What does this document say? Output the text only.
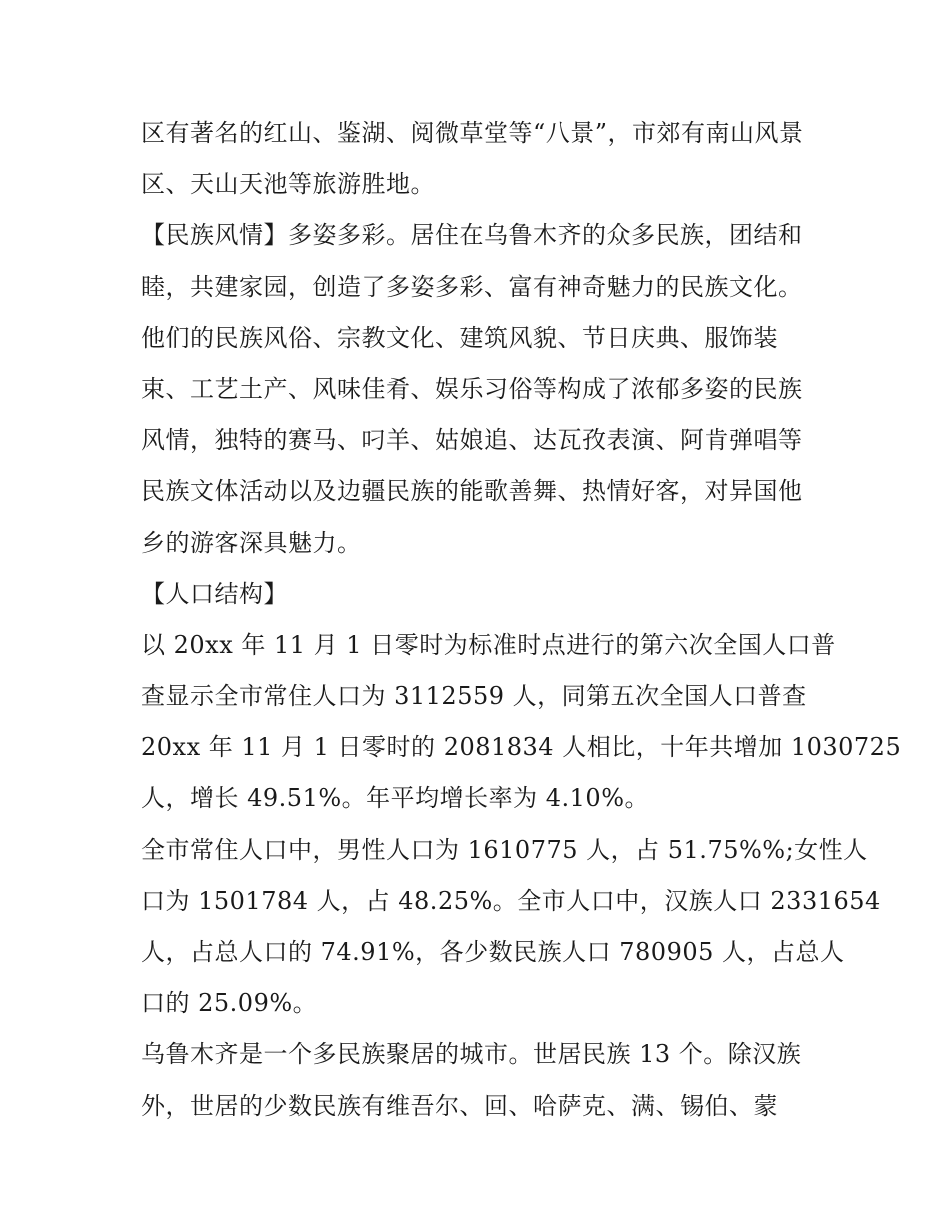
区有著名的红山、鉴湖、阅微草堂等“八景”，市郊有南山风景
区、天山天池等旅游胜地。
【民族风情】多姿多彩。居住在乌鲁木齐的众多民族，团结和
睦，共建家园，创造了多姿多彩、富有神奇魅力的民族文化。
他们的民族风俗、宗教文化、建筑风貌、节日庆典、服饰装
束、工艺土产、风味佳肴、娱乐习俗等构成了浓郁多姿的民族
风情，独特的赛马、叼羊、姑娘追、达瓦孜表演、阿肯弹唱等
民族文体活动以及边疆民族的能歌善舞、热情好客，对异国他
乡的游客深具魅力。
【人口结构】
以 20xx 年 11 月 1 日零时为标准时点进行的第六次全国人口普
查显示全市常住人口为 3112559 人，同第五次全国人口普查
20xx 年 11 月 1 日零时的 2081834 人相比，十年共增加 1030725
人，增长 49.51%。年平均增长率为 4.10%。
全市常住人口中，男性人口为 1610775 人，占 51.75%%;女性人
口为 1501784 人，占 48.25%。全市人口中，汉族人口 2331654
人，占总人口的 74.91%，各少数民族人口 780905 人，占总人
口的 25.09%。
乌鲁木齐是一个多民族聚居的城市。世居民族 13 个。除汉族
外，世居的少数民族有维吾尔、回、哈萨克、满、锡伯、蒙
